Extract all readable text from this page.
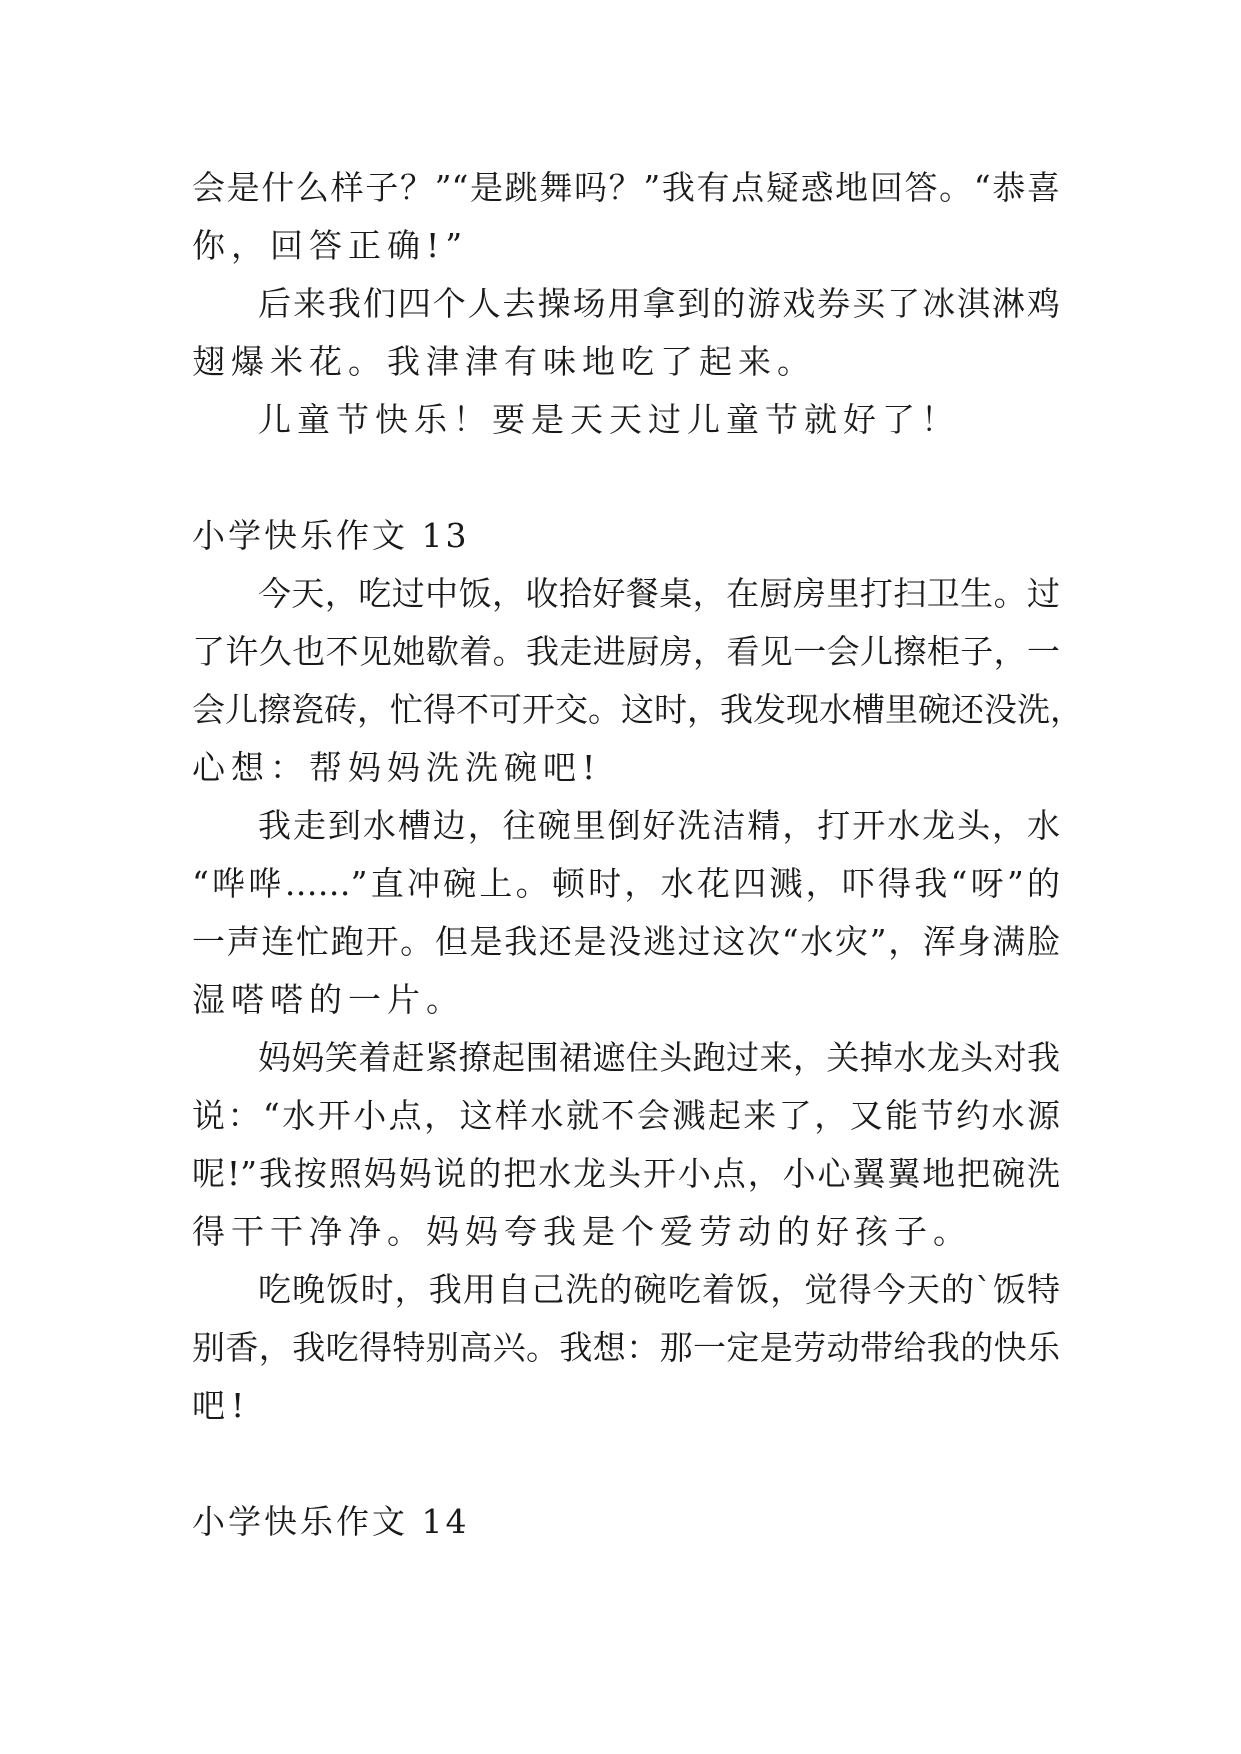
会是什么样子？”“是跳舞吗？”我有点疑惑地回答。“恭喜
你，回答正确!”
后来我们四个人去操场用拿到的游戏券买了冰淇淋鸡
翅爆米花。我津津有味地吃了起来。
儿童节快乐！要是天天过儿童节就好了！
小学快乐作文 13
今天，吃过中饭，收拾好餐桌，在厨房里打扫卫生。过
了许久也不见她歇着。我走进厨房，看见一会儿擦柜子，一
会儿擦瓷砖，忙得不可开交。这时，我发现水槽里碗还没洗，
心想：帮妈妈洗洗碗吧!
我走到水槽边，往碗里倒好洗洁精，打开水龙头，水
“哗哗……”直冲碗上。顿时，水花四溅，吓得我“呀”的
一声连忙跑开。但是我还是没逃过这次“水灾”，浑身满脸
湿嗒嗒的一片。
妈妈笑着赶紧撩起围裙遮住头跑过来，关掉水龙头对我
说：“水开小点，这样水就不会溅起来了，又能节约水源
呢!”我按照妈妈说的把水龙头开小点，小心翼翼地把碗洗
得干干净净。妈妈夸我是个爱劳动的好孩子。
吃晚饭时，我用自己洗的碗吃着饭，觉得今天的`饭特
别香，我吃得特别高兴。我想：那一定是劳动带给我的快乐
吧!
小学快乐作文 14
